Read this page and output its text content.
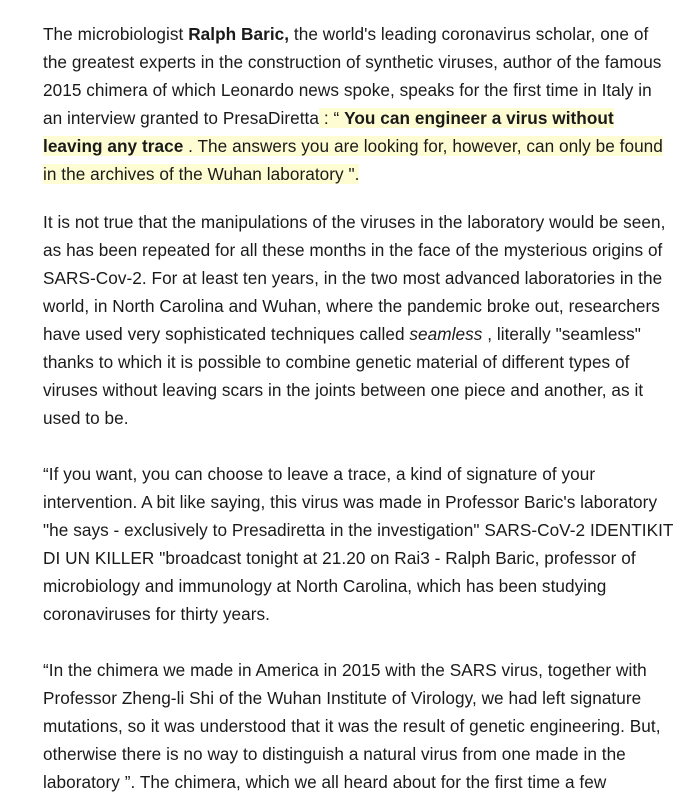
The microbiologist Ralph Baric, the world's leading coronavirus scholar, one of the greatest experts in the construction of synthetic viruses, author of the famous 2015 chimera of which Leonardo news spoke, speaks for the first time in Italy in an interview granted to PresaDiretta : “ You can engineer a virus without leaving any trace . The answers you are looking for, however, can only be found in the archives of the Wuhan laboratory ".

It is not true that the manipulations of the viruses in the laboratory would be seen, as has been repeated for all these months in the face of the mysterious origins of SARS-Cov-2. For at least ten years, in the two most advanced laboratories in the world, in North Carolina and Wuhan, where the pandemic broke out, researchers have used very sophisticated techniques called seamless , literally "seamless" thanks to which it is possible to combine genetic material of different types of viruses without leaving scars in the joints between one piece and another, as it used to be.

“If you want, you can choose to leave a trace, a kind of signature of your intervention. A bit like saying, this virus was made in Professor Baric's laboratory "he says - exclusively to Presadiretta in the investigation" SARS-CoV-2 IDENTIKIT DI UN KILLER "broadcast tonight at 21.20 on Rai3 - Ralph Baric, professor of microbiology and immunology at North Carolina, which has been studying coronaviruses for thirty years.

“In the chimera we made in America in 2015 with the SARS virus, together with Professor Zheng-li Shi of the Wuhan Institute of Virology, we had left signature mutations, so it was understood that it was the result of genetic engineering. But, otherwise there is no way to distinguish a natural virus from one made in the laboratory ”. The chimera, which we all heard about for the first time a few
